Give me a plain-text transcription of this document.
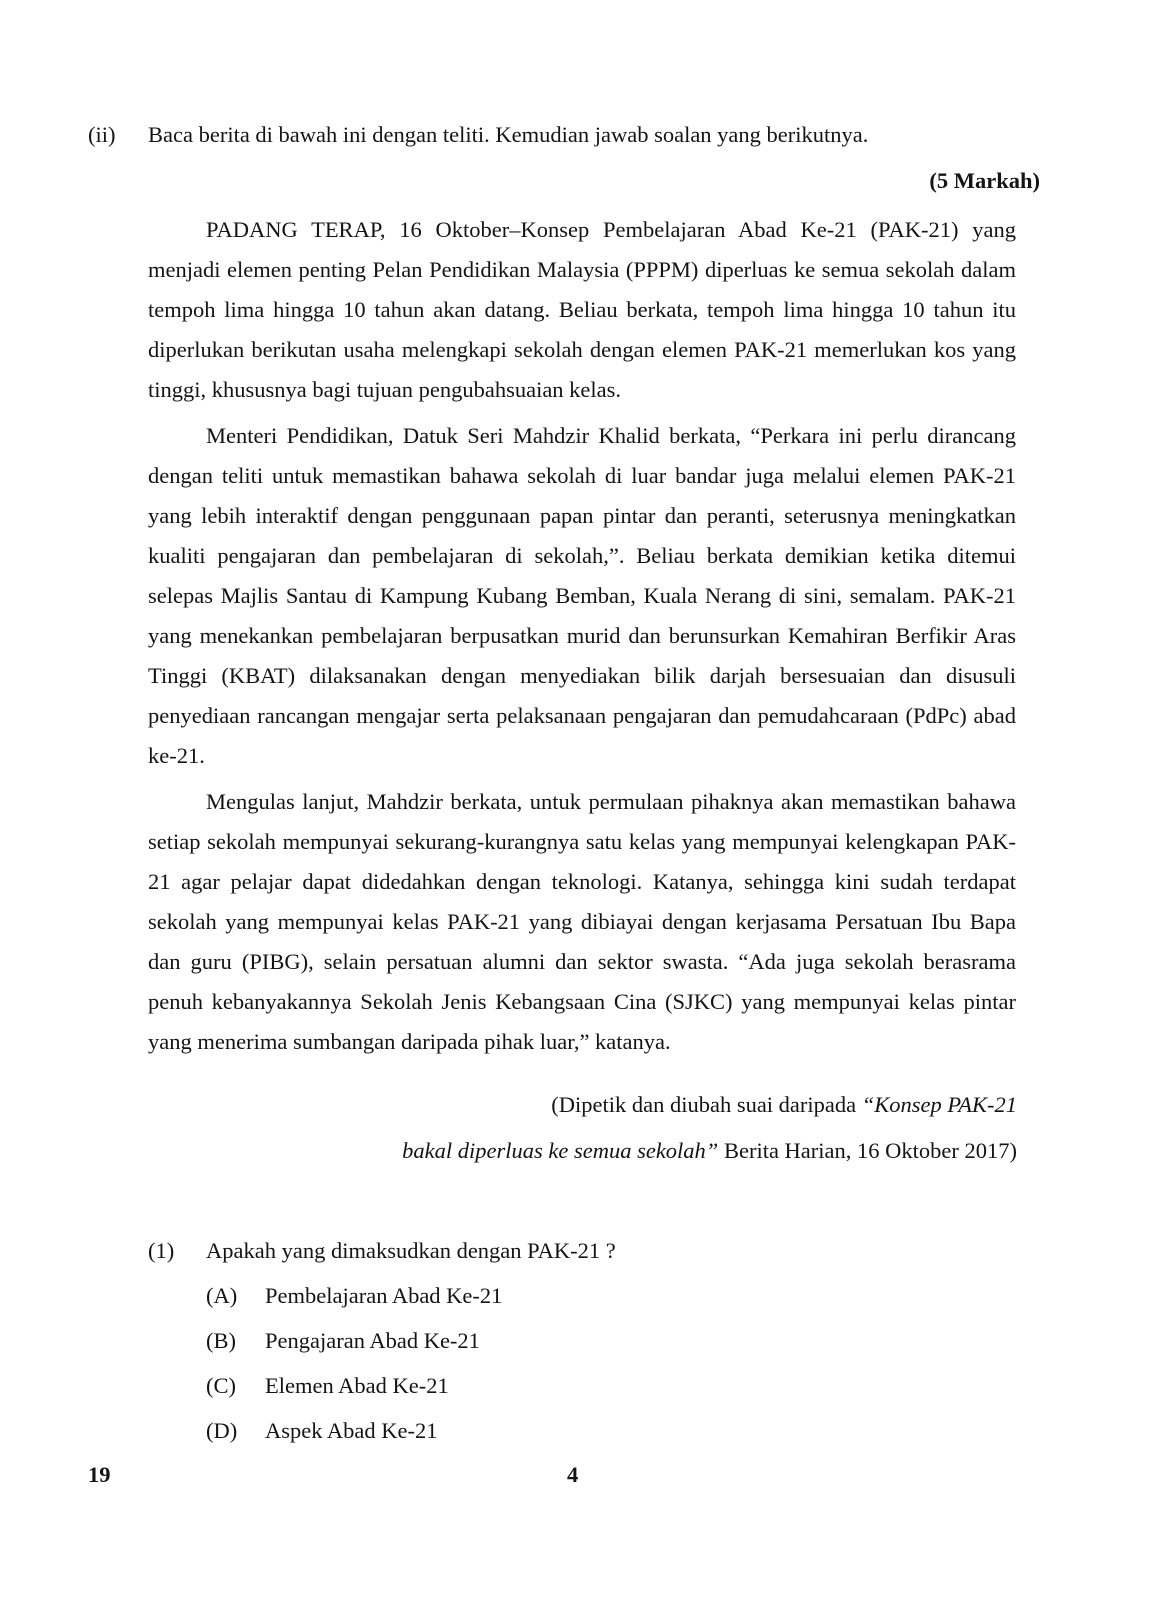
(ii) Baca berita di bawah ini dengan teliti. Kemudian jawab soalan yang berikutnya.
(5 Markah)

PADANG TERAP, 16 Oktober–Konsep Pembelajaran Abad Ke-21 (PAK-21) yang menjadi elemen penting Pelan Pendidikan Malaysia (PPPM) diperluas ke semua sekolah dalam tempoh lima hingga 10 tahun akan datang. Beliau berkata, tempoh lima hingga 10 tahun itu diperlukan berikutan usaha melengkapi sekolah dengan elemen PAK-21 memerlukan kos yang tinggi, khususnya bagi tujuan pengubahsuaian kelas.

Menteri Pendidikan, Datuk Seri Mahdzir Khalid berkata, “Perkara ini perlu dirancang dengan teliti untuk memastikan bahawa sekolah di luar bandar juga melalui elemen PAK-21 yang lebih interaktif dengan penggunaan papan pintar dan peranti, seterusnya meningkatkan kualiti pengajaran dan pembelajaran di sekolah,”. Beliau berkata demikian ketika ditemui selepas Majlis Santau di Kampung Kubang Bemban, Kuala Nerang di sini, semalam. PAK-21 yang menekankan pembelajaran berpusatkan murid dan berunsurkan Kemahiran Berfikir Aras Tinggi (KBAT) dilaksanakan dengan menyediakan bilik darjah bersesuaian dan disusuli penyediaan rancangan mengajar serta pelaksanaan pengajaran dan pemudahcaraan (PdPc) abad ke-21.

Mengulas lanjut, Mahdzir berkata, untuk permulaan pihaknya akan memastikan bahawa setiap sekolah mempunyai sekurang-kurangnya satu kelas yang mempunyai kelengkapan PAK-21 agar pelajar dapat didedahkan dengan teknologi. Katanya, sehingga kini sudah terdapat sekolah yang mempunyai kelas PAK-21 yang dibiayai dengan kerjasama Persatuan Ibu Bapa dan guru (PIBG), selain persatuan alumni dan sektor swasta. “Ada juga sekolah berasrama penuh kebanyakannya Sekolah Jenis Kebangsaan Cina (SJKC) yang mempunyai kelas pintar yang menerima sumbangan daripada pihak luar,” katanya.

(Dipetik dan diubah suai daripada “Konsep PAK-21
bakal diperluas ke semua sekolah” Berita Harian, 16 Oktober 2017)
(1) Apakah yang dimaksudkan dengan PAK-21 ?
(A) Pembelajaran Abad Ke-21
(B) Pengajaran Abad Ke-21
(C) Elemen Abad Ke-21
(D) Aspek Abad Ke-21
19	4
